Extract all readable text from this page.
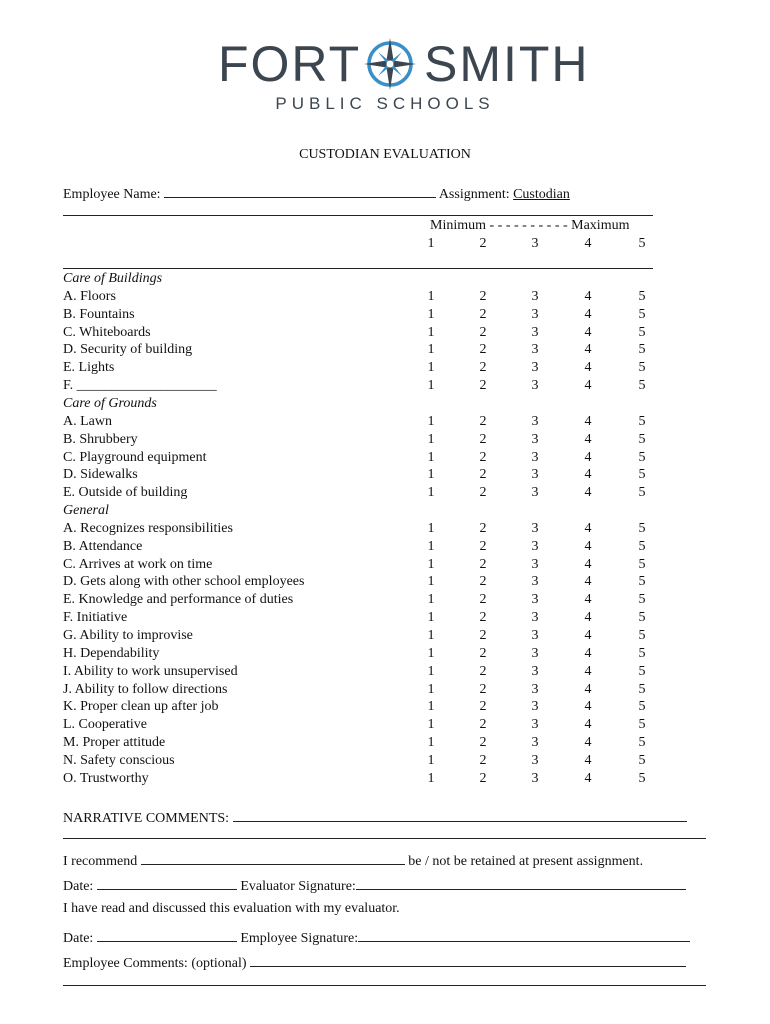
FORT SMITH
PUBLIC SCHOOLS
CUSTODIAN EVALUATION
Employee Name:	Assignment: Custodian
Minimum - - - - - - - - - - Maximum
1	2	3	4	5
Care of Buildings
A. Floors	1	2	3	4	5
B. Fountains	1	2	3	4	5
C. Whiteboards	1	2	3	4	5
D. Security of building	1	2	3	4	5
E. Lights	1	2	3	4	5
F. ____________________	1	2	3	4	5
Care of Grounds
A. Lawn	1	2	3	4	5
B. Shrubbery	1	2	3	4	5
C. Playground equipment	1	2	3	4	5
D. Sidewalks	1	2	3	4	5
E. Outside of building	1	2	3	4	5
General
A. Recognizes responsibilities	1	2	3	4	5
B. Attendance	1	2	3	4	5
C. Arrives at work on time	1	2	3	4	5
D. Gets along with other school employees	1	2	3	4	5
E. Knowledge and performance of duties	1	2	3	4	5
F. Initiative	1	2	3	4	5
G. Ability to improvise	1	2	3	4	5
H. Dependability	1	2	3	4	5
I. Ability to work unsupervised	1	2	3	4	5
J. Ability to follow directions	1	2	3	4	5
K. Proper clean up after job	1	2	3	4	5
L. Cooperative	1	2	3	4	5
M. Proper attitude	1	2	3	4	5
N. Safety conscious	1	2	3	4	5
O. Trustworthy	1	2	3	4	5
NARRATIVE COMMENTS:
I recommend	be / not be retained at present assignment.
Date:	Evaluator Signature:
I have read and discussed this evaluation with my evaluator.
Date:	Employee Signature:
Employee Comments: (optional)
